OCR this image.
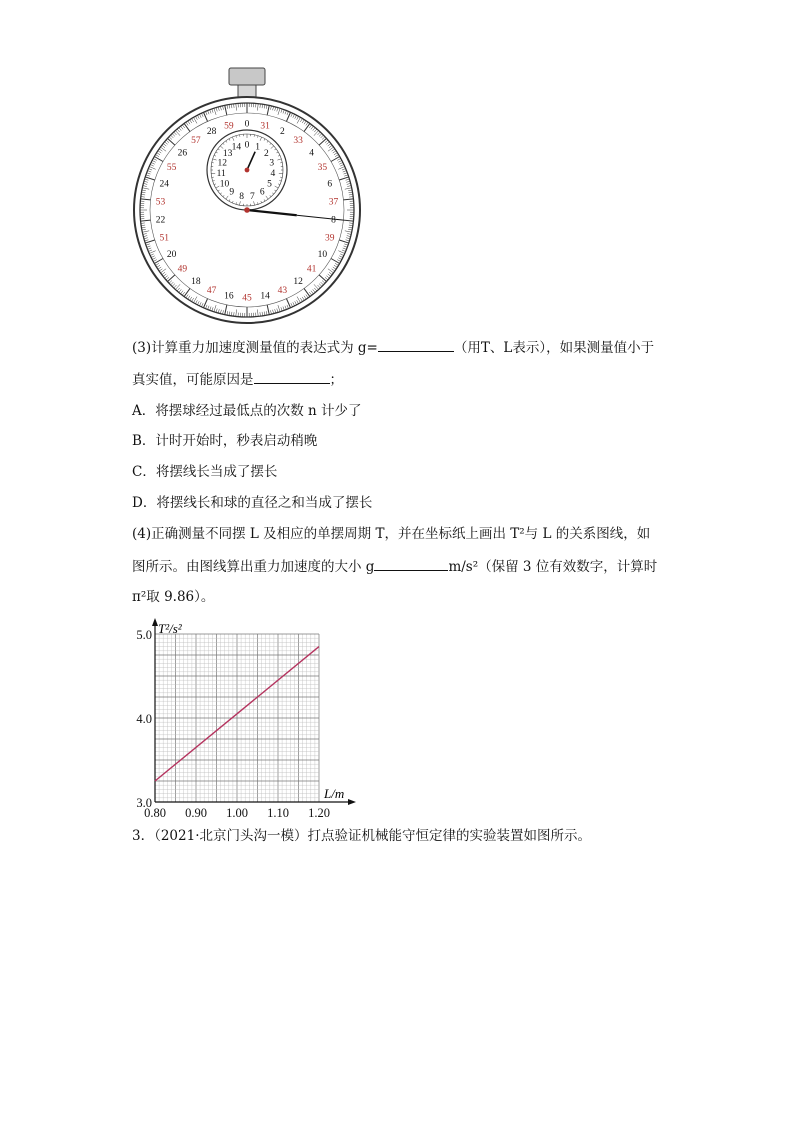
0
2
4
6
8
10
12
14
16
18
20
22
24
26
28
31
33
35
37
39
41
43
45
47
49
51
53
55
57
59
0 1
2
3
4
5
6
7
8
9
10
11
12
13
14
(3)计算重力加速度测量值的表达式为 g=	（用T、L表示），如果测量值小于
真实值，可能原因是	；
A．将摆球经过最低点的次数 n 计少了
B．计时开始时，秒表启动稍晚
C．将摆线长当成了摆长
D．将摆线长和球的直径之和当成了摆长
(4)正确测量不同摆 L 及相应的单摆周期 T，并在坐标纸上画出 T²与 L 的关系图线，如
图所示。由图线算出重力加速度的大小 g	m/s²（保留 3 位有效数字，计算时
π²取 9.86）。
T²/s²
L/m
0.80 0.90 1.00 1.10 1.20
5.0
4.0
3.0
3．（2021·北京门头沟一模）打点验证机械能守恒定律的实验装置如图所示。
